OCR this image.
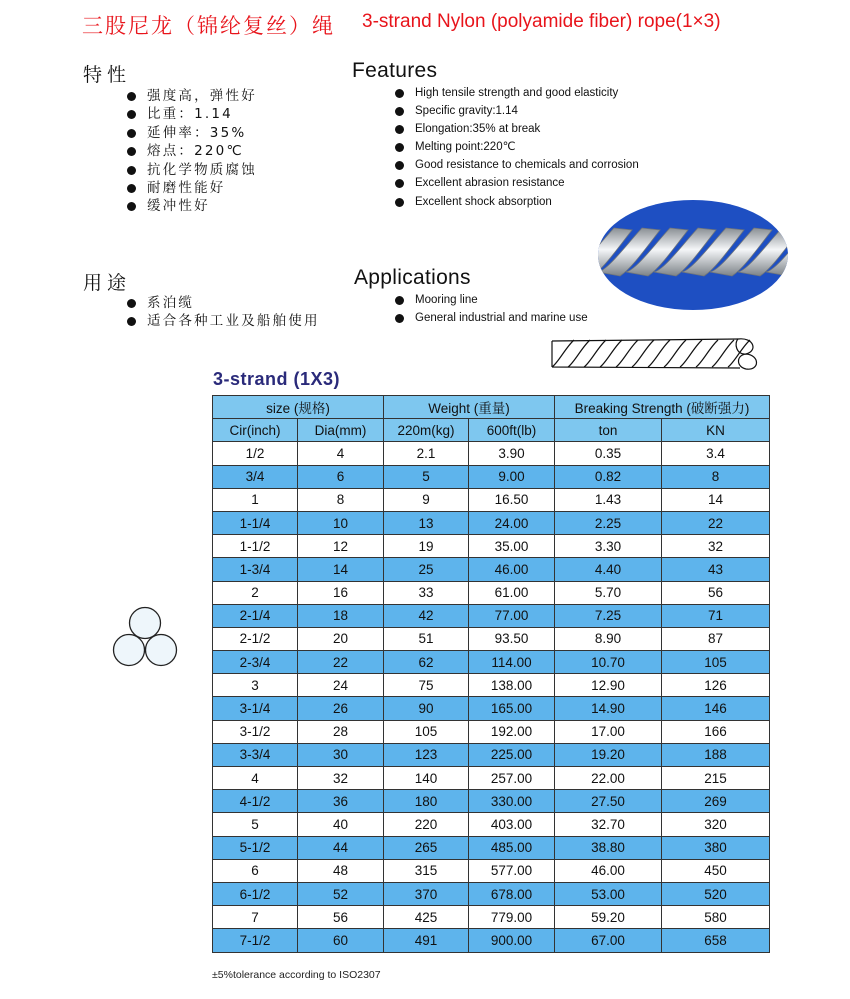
三股尼龙（锦纶复丝）绳 3-strand Nylon (polyamide fiber) rope(1×3)
特性	Features
强度高，弹性好
比重：1.14
延伸率：35%
熔点：220℃
抗化学物质腐蚀
耐磨性能好
缓冲性好
High tensile strength and good elasticity
Specific gravity:1.14
Elongation:35% at break
Melting point:220℃
Good resistance to chemicals and corrosion
Excellent abrasion resistance
Excellent shock absorption
用途	Applications
系泊缆
适合各种工业及船舶使用
Mooring line
General industrial and marine use
3-strand (1X3)
size (规格)		Weight (重量)		Breaking Strength (破断强力)	
Cir(inch)	Dia(mm)	220m(kg)	600ft(lb)	ton	KN
1/2	4	2.1	3.90	0.35	3.4
3/4	6	5	9.00	0.82	8
1	8	9	16.50	1.43	14
1-1/4	10	13	24.00	2.25	22
1-1/2	12	19	35.00	3.30	32
1-3/4	14	25	46.00	4.40	43
2	16	33	61.00	5.70	56
2-1/4	18	42	77.00	7.25	71
2-1/2	20	51	93.50	8.90	87
2-3/4	22	62	114.00	10.70	105
3	24	75	138.00	12.90	126
3-1/4	26	90	165.00	14.90	146
3-1/2	28	105	192.00	17.00	166
3-3/4	30	123	225.00	19.20	188
4	32	140	257.00	22.00	215
4-1/2	36	180	330.00	27.50	269
5	40	220	403.00	32.70	320
5-1/2	44	265	485.00	38.80	380
6	48	315	577.00	46.00	450
6-1/2	52	370	678.00	53.00	520
7	56	425	779.00	59.20	580
7-1/2	60	491	900.00	67.00	658
±5%tolerance according to ISO2307
